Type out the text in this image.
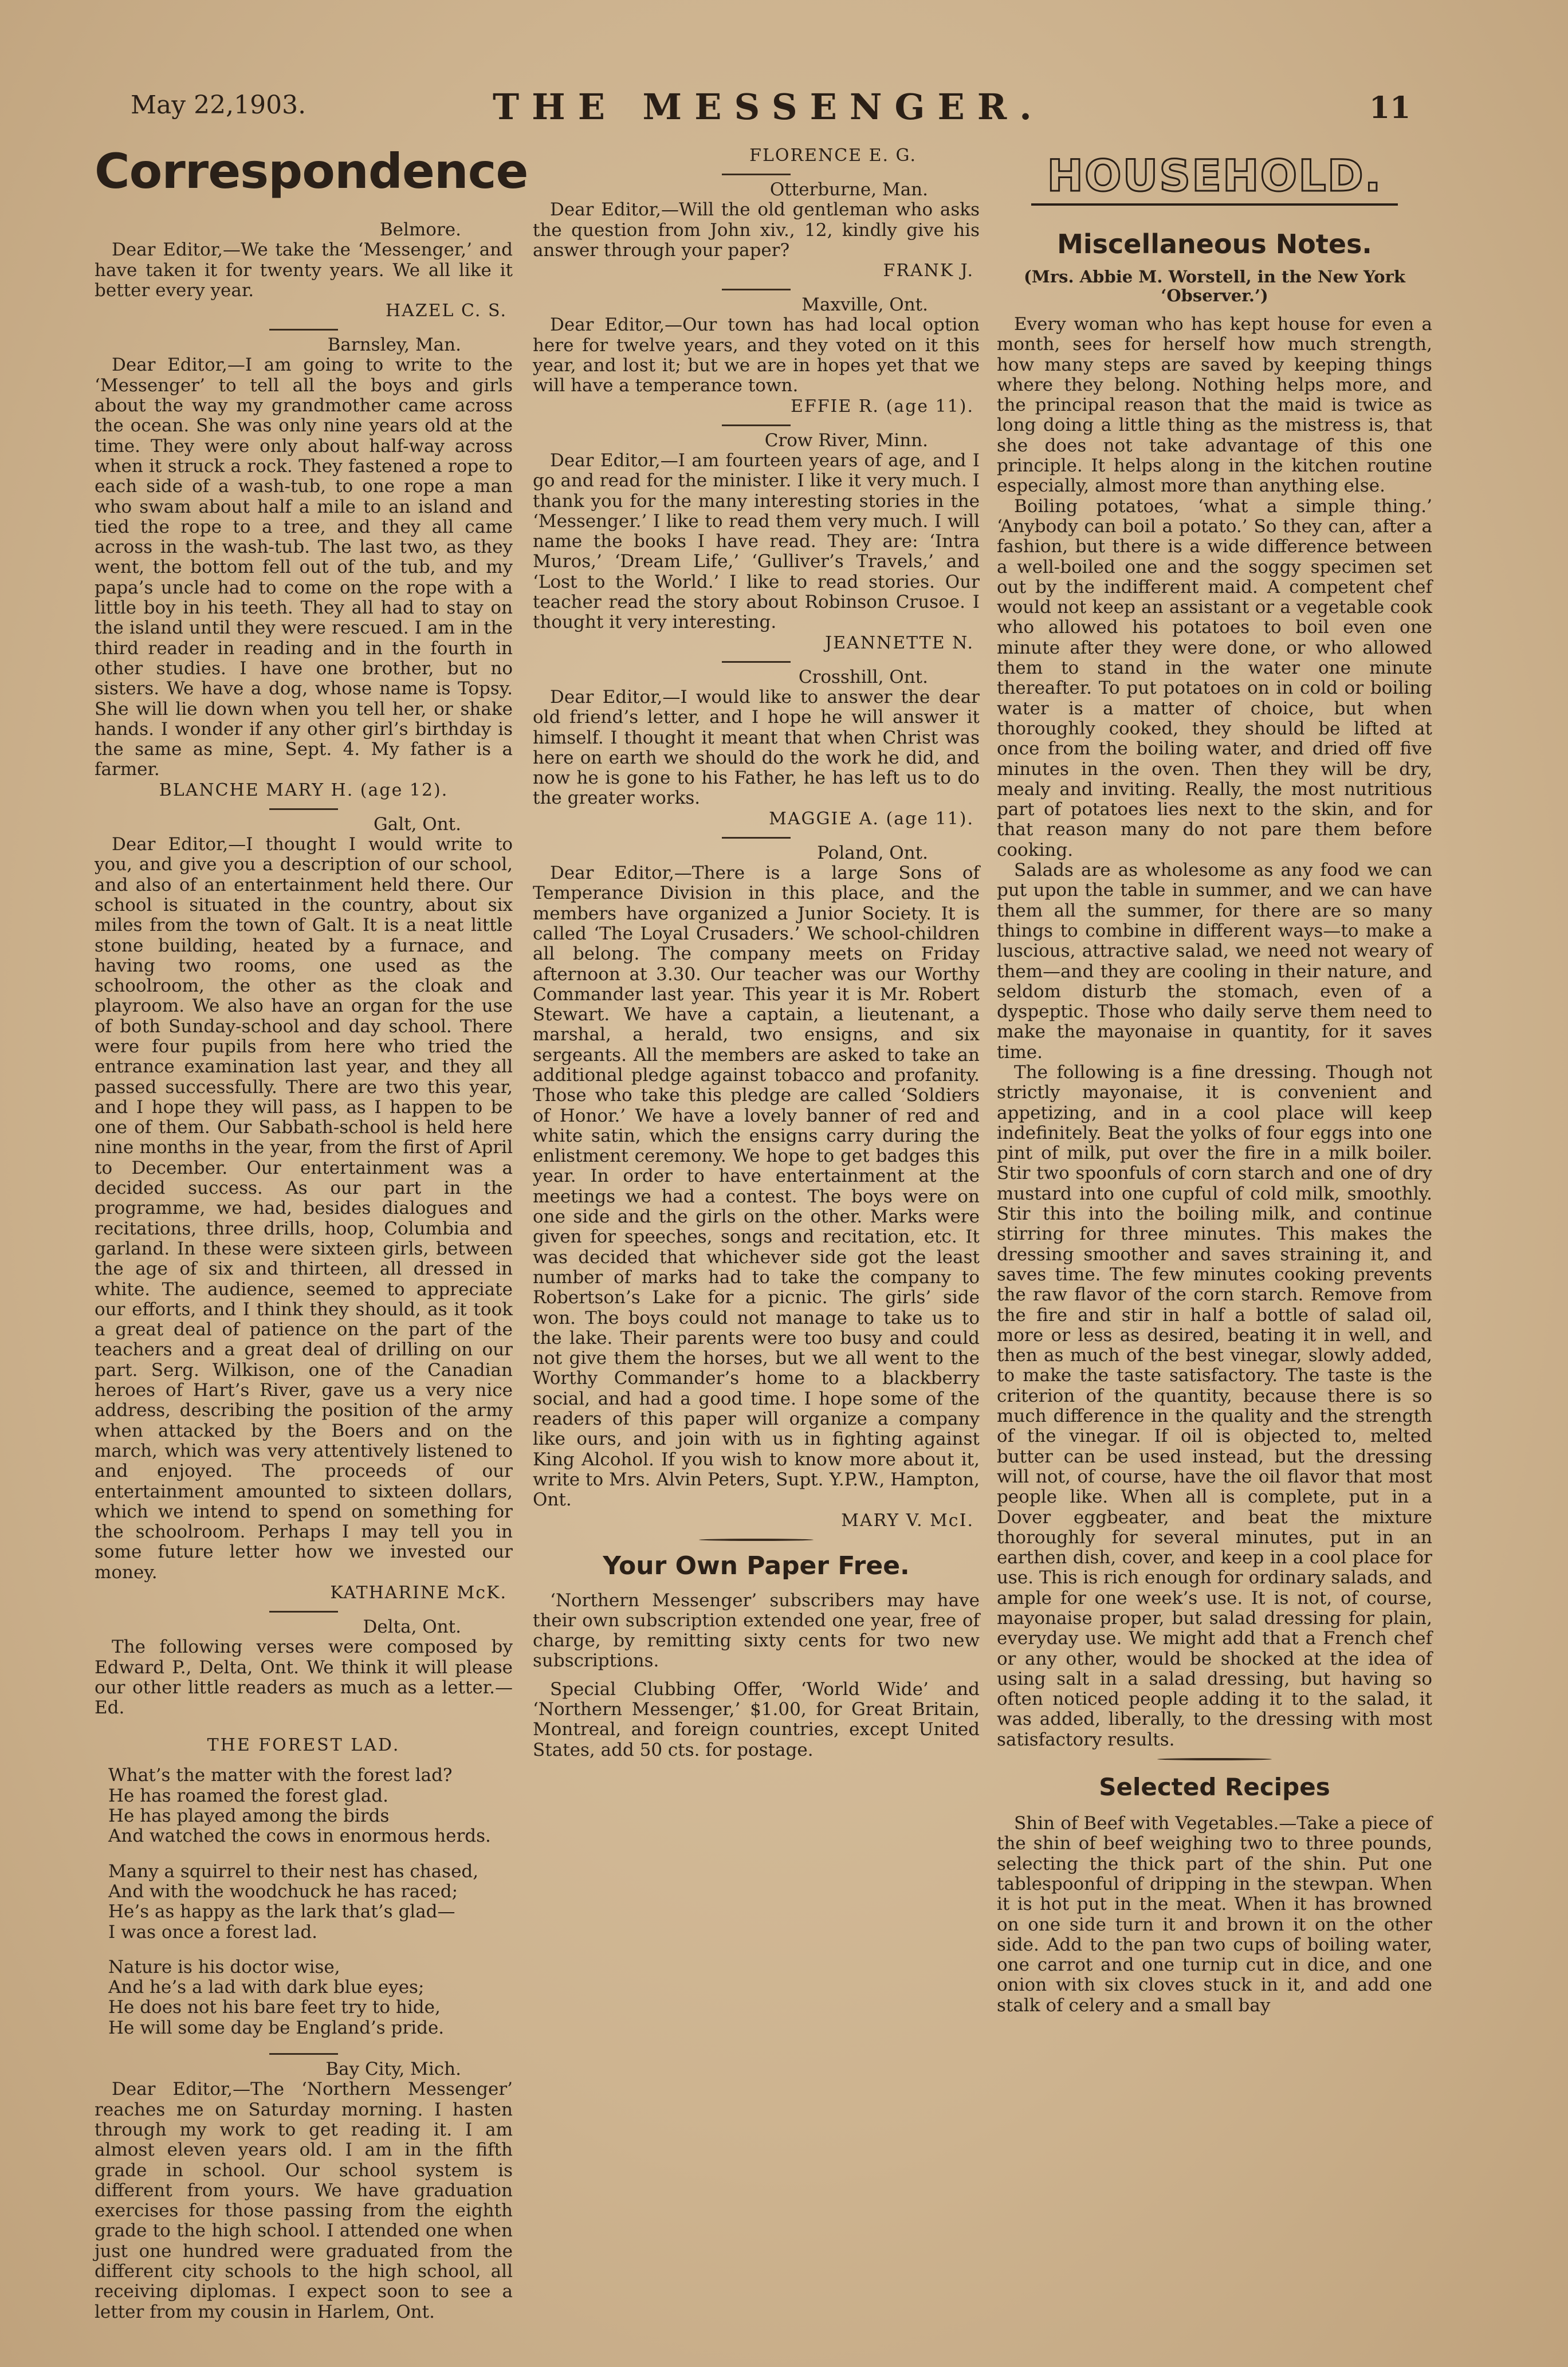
May 22,1903.	THE MESSENGER.	11
Correspondence
Belmore.

Dear Editor,—We take the ‘Messenger,’ and have taken it for twenty years. We all like it better every year.

HAZEL C. S.
Barnsley, Man.

Dear Editor,—I am going to write to the ‘Messenger’ to tell all the boys and girls about the way my grandmother came across the ocean. She was only nine years old at the time. They were only about half-way across when it struck a rock. They fastened a rope to each side of a wash-tub, to one rope a man who swam about half a mile to an island and tied the rope to a tree, and they all came across in the wash-tub. The last two, as they went, the bottom fell out of the tub, and my papa’s uncle had to come on the rope with a little boy in his teeth. They all had to stay on the island until they were rescued. I am in the third reader in reading and in the fourth in other studies. I have one brother, but no sisters. We have a dog, whose name is Topsy. She will lie down when you tell her, or shake hands. I wonder if any other girl’s birthday is the same as mine, Sept. 4. My father is a farmer.

BLANCHE MARY H. (age 12).
Galt, Ont.

Dear Editor,—I thought I would write to you, and give you a description of our school, and also of an entertainment held there. Our school is situated in the country, about six miles from the town of Galt. It is a neat little stone building, heated by a furnace, and having two rooms, one used as the schoolroom, the other as the cloak and playroom. We also have an organ for the use of both Sunday-school and day school. There were four pupils from here who tried the entrance examination last year, and they all passed successfully. There are two this year, and I hope they will pass, as I happen to be one of them. Our Sabbath-school is held here nine months in the year, from the first of April to December. Our entertainment was a decided success. As our part in the programme, we had, besides dialogues and recitations, three drills, hoop, Columbia and garland. In these were sixteen girls, between the age of six and thirteen, all dressed in white. The audience, seemed to appreciate our efforts, and I think they should, as it took a great deal of patience on the part of the teachers and a great deal of drilling on our part. Serg. Wilkison, one of the Canadian heroes of Hart’s River, gave us a very nice address, describing the position of the army when attacked by the Boers and on the march, which was very attentively listened to and enjoyed. The proceeds of our entertainment amounted to sixteen dollars, which we intend to spend on something for the schoolroom. Perhaps I may tell you in some future letter how we invested our money.

KATHARINE McK.
Delta, Ont.

The following verses were composed by Edward P., Delta, Ont. We think it will please our other little readers as much as a letter.—Ed.

THE FOREST LAD.
What’s the matter with the forest lad?
He has roamed the forest glad.
He has played among the birds
And watched the cows in enormous herds.
Many a squirrel to their nest has chased,
And with the woodchuck he has raced;
He’s as happy as the lark that’s glad—
I was once a forest lad.
Nature is his doctor wise,
And he’s a lad with dark blue eyes;
He does not his bare feet try to hide,
He will some day be England’s pride.
Bay City, Mich.

Dear Editor,—The ‘Northern Messenger’ reaches me on Saturday morning. I hasten through my work to get reading it. I am almost eleven years old. I am in the fifth grade in school. Our school system is different from yours. We have graduation exercises for those passing from the eighth grade to the high school. I attended one when just one hundred were graduated from the different city schools to the high school, all receiving diplomas. I expect soon to see a letter from my cousin in Harlem, Ont.

FLORENCE E. G.
Otterburne, Man.

Dear Editor,—Will the old gentleman who asks the question from John xiv., 12, kindly give his answer through your paper?

FRANK J.
Maxville, Ont.

Dear Editor,—Our town has had local option here for twelve years, and they voted on it this year, and lost it; but we are in hopes yet that we will have a temperance town.

EFFIE R. (age 11).
Crow River, Minn.

Dear Editor,—I am fourteen years of age, and I go and read for the minister. I like it very much. I thank you for the many interesting stories in the ‘Messenger.’ I like to read them very much. I will name the books I have read. They are: ‘Intra Muros,’ ‘Dream Life,’ ‘Gulliver’s Travels,’ and ‘Lost to the World.’ I like to read stories. Our teacher read the story about Robinson Crusoe. I thought it very interesting.

JEANNETTE N.
Crosshill, Ont.

Dear Editor,—I would like to answer the dear old friend’s letter, and I hope he will answer it himself. I thought it meant that when Christ was here on earth we should do the work he did, and now he is gone to his Father, he has left us to do the greater works.

MAGGIE A. (age 11).
Poland, Ont.

Dear Editor,—There is a large Sons of Temperance Division in this place, and the members have organized a Junior Society. It is called ‘The Loyal Crusaders.’ We school-children all belong. The company meets on Friday afternoon at 3.30. Our teacher was our Worthy Commander last year. This year it is Mr. Robert Stewart. We have a captain, a lieutenant, a marshal, a herald, two ensigns, and six sergeants. All the members are asked to take an additional pledge against tobacco and profanity. Those who take this pledge are called ‘Soldiers of Honor.’ We have a lovely banner of red and white satin, which the ensigns carry during the enlistment ceremony. We hope to get badges this year. In order to have entertainment at the meetings we had a contest. The boys were on one side and the girls on the other. Marks were given for speeches, songs and recitation, etc. It was decided that whichever side got the least number of marks had to take the company to Robertson’s Lake for a picnic. The girls’ side won. The boys could not manage to take us to the lake. Their parents were too busy and could not give them the horses, but we all went to the Worthy Commander’s home to a blackberry social, and had a good time. I hope some of the readers of this paper will organize a company like ours, and join with us in fighting against King Alcohol. If you wish to know more about it, write to Mrs. Alvin Peters, Supt. Y.P.W., Hampton, Ont.

MARY V. McI.
Your Own Paper Free.

‘Northern Messenger’ subscribers may have their own subscription extended one year, free of charge, by remitting sixty cents for two new subscriptions.

Special Clubbing Offer, ‘World Wide’ and ‘Northern Messenger,’ $1.00, for Great Britain, Montreal, and foreign countries, except United States, add 50 cts. for postage.

HOUSEHOLD.
Miscellaneous Notes.
(Mrs. Abbie M. Worstell, in the New York ‘Observer.’)

Every woman who has kept house for even a month, sees for herself how much strength, how many steps are saved by keeping things where they belong. Nothing helps more, and the principal reason that the maid is twice as long doing a little thing as the mistress is, that she does not take advantage of this one principle. It helps along in the kitchen routine especially, almost more than anything else.

Boiling potatoes, ‘what a simple thing.’ ‘Anybody can boil a potato.’ So they can, after a fashion, but there is a wide difference between a well-boiled one and the soggy specimen set out by the indifferent maid. A competent chef would not keep an assistant or a vegetable cook who allowed his potatoes to boil even one minute after they were done, or who allowed them to stand in the water one minute thereafter. To put potatoes on in cold or boiling water is a matter of choice, but when thoroughly cooked, they should be lifted at once from the boiling water, and dried off five minutes in the oven. Then they will be dry, mealy and inviting. Really, the most nutritious part of potatoes lies next to the skin, and for that reason many do not pare them before cooking.

Salads are as wholesome as any food we can put upon the table in summer, and we can have them all the summer, for there are so many things to combine in different ways—to make a luscious, attractive salad, we need not weary of them—and they are cooling in their nature, and seldom disturb the stomach, even of a dyspeptic. Those who daily serve them need to make the mayonaise in quantity, for it saves time.

The following is a fine dressing. Though not strictly mayonaise, it is convenient and appetizing, and in a cool place will keep indefinitely. Beat the yolks of four eggs into one pint of milk, put over the fire in a milk boiler. Stir two spoonfuls of corn starch and one of dry mustard into one cupful of cold milk, smoothly. Stir this into the boiling milk, and continue stirring for three minutes. This makes the dressing smoother and saves straining it, and saves time. The few minutes cooking prevents the raw flavor of the corn starch. Remove from the fire and stir in half a bottle of salad oil, more or less as desired, beating it in well, and then as much of the best vinegar, slowly added, to make the taste satisfactory. The taste is the criterion of the quantity, because there is so much difference in the quality and the strength of the vinegar. If oil is objected to, melted butter can be used instead, but the dressing will not, of course, have the oil flavor that most people like. When all is complete, put in a Dover eggbeater, and beat the mixture thoroughly for several minutes, put in an earthen dish, cover, and keep in a cool place for use. This is rich enough for ordinary salads, and ample for one week’s use. It is not, of course, mayonaise proper, but salad dressing for plain, everyday use. We might add that a French chef or any other, would be shocked at the idea of using salt in a salad dressing, but having so often noticed people adding it to the salad, it was added, liberally, to the dressing with most satisfactory results.

Selected Recipes

Shin of Beef with Vegetables.—Take a piece of the shin of beef weighing two to three pounds, selecting the thick part of the shin. Put one tablespoonful of dripping in the stewpan. When it is hot put in the meat. When it has browned on one side turn it and brown it on the other side. Add to the pan two cups of boiling water, one carrot and one turnip cut in dice, and one onion with six cloves stuck in it, and add one stalk of celery and a small bay
